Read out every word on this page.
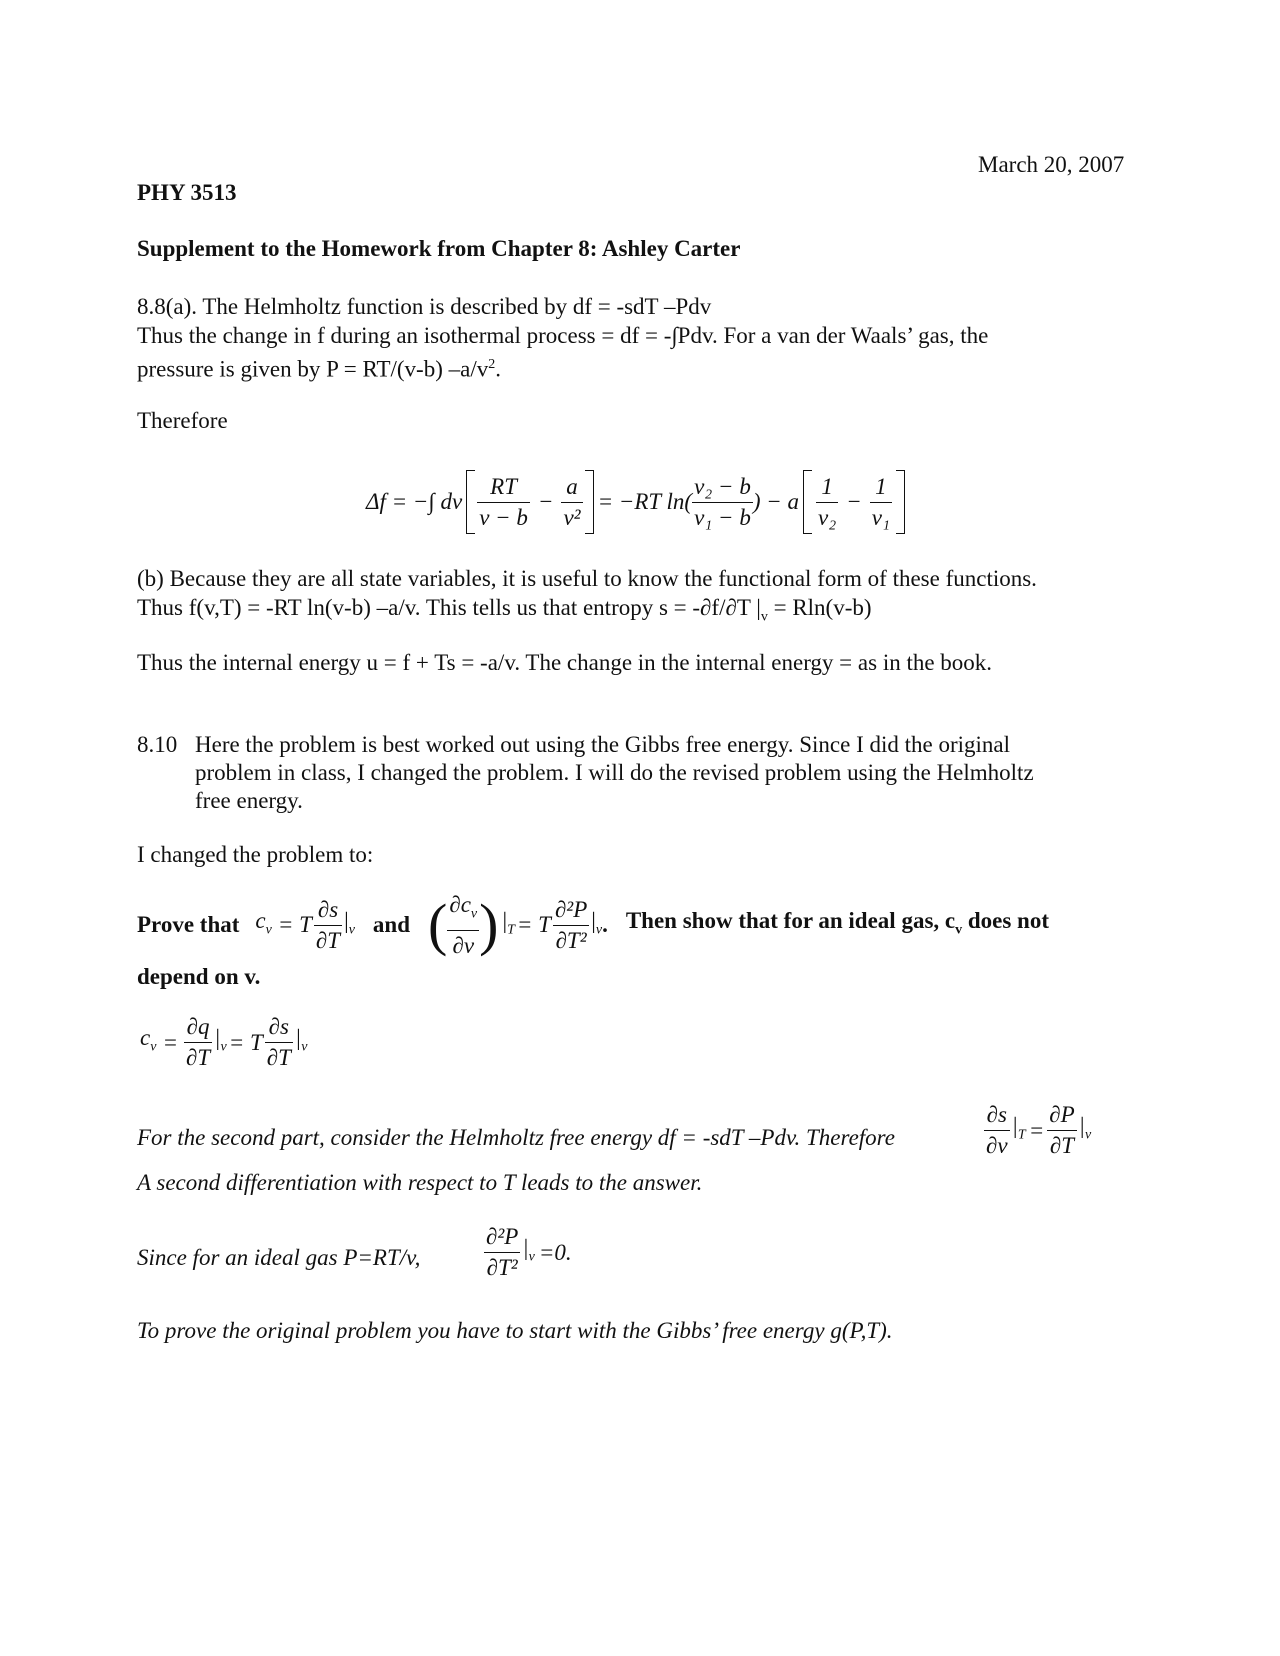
March 20, 2007
PHY 3513
Supplement to the Homework from Chapter 8: Ashley Carter
8.8(a). The Helmholtz function is described by df = -sdT –Pdv
Thus the change in f during an isothermal process = df = -∫Pdv. For a van der Waals’ gas, the
pressure is given by P = RT/(v-b) $-a/v^2$.
Therefore
Δf = −∫ dv $\frac{RT}{v - b} - \frac{a}{\text{v²}} = -RT$ $\ln( \frac{\text{v₂ − b}}{\text{v₁ − b}}$ ) − a $\frac{1}{\text{v₂}} - \frac{1}{\text{v₁}}$
(b) Because they are all state variables, it is useful to know the functional form of these functions.
Thus f(v,T) = -RT ln(v-b) –a/v. This tells us that entropy s = -∂f/∂T $|_v = Rln(v-b)$
Thus the internal energy u = f + Ts = -a/v. The change in the internal energy = as in the book.
8.10 Here the problem is best worked out using the Gibbs free energy. Since I did the original
problem in class, I changed the problem. I will do the revised problem using the Helmholtz
free energy.
I changed the problem to:
Prove that $c_v = T \frac{\partial s}{\partial T} |_v$ and ( $\frac{\partial c_v}{\partial v}$ ) $|_T = T \frac{\text{∂²P}}{\text{∂T²}} |_v$ . Then show that for an ideal gas, $c_v$ does not
depend on v.
$c_v = \frac{\partial q}{\partial T} |_v = T \frac{\partial s}{\partial T} |_v$
For the second part, consider the Helmholtz free energy df = -sdT –Pdv. Therefore	$\frac{\partial s}{\partial v} |_T = \frac{\partial P}{\partial T} |_v$
A second differentiation with respect to T leads to the answer.
Since for an ideal gas P=RT/v,	$\frac{\text{∂²P}}{\text{∂T²}} |_v =0$.
To prove the original problem you have to start with the Gibbs’ free energy g(P,T).
